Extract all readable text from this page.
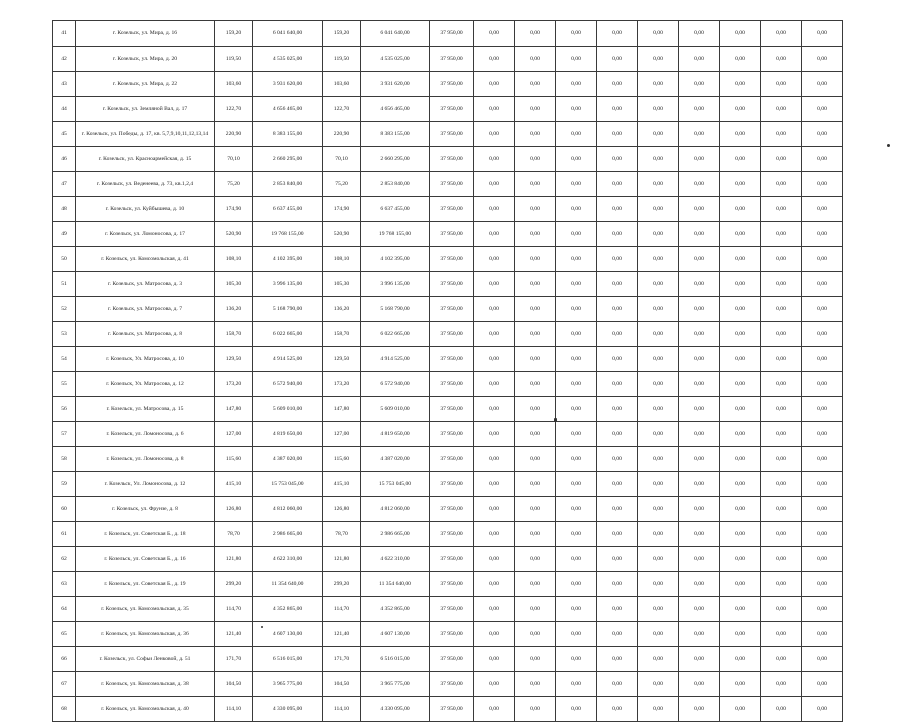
41	г. Козельск, ул. Мира, д. 16	159,20	6 041 640,00	159,20	6 041 640,00	37 950,00	0,00	0,00	0,00	0,00	0,00	0,00	0,00	0,00	0,00
42	г. Козельск, ул. Мира, д. 20	119,50	4 535 025,00	119,50	4 535 025,00	37 950,00	0,00	0,00	0,00	0,00	0,00	0,00	0,00	0,00	0,00
43	г. Козельск, ул. Мира, д. 22	103,60	3 931 620,00	103,60	3 931 620,00	37 950,00	0,00	0,00	0,00	0,00	0,00	0,00	0,00	0,00	0,00
44	г. Козельск, ул. Земляной Вал, д. 17	122,70	4 656 465,00	122,70	4 656 465,00	37 950,00	0,00	0,00	0,00	0,00	0,00	0,00	0,00	0,00	0,00
45	г. Козельск, ул. Победы, д. 17, кв. 5,7,9,10,11,12,13,14	220,90	8 383 155,00	220,90	8 383 155,00	37 950,00	0,00	0,00	0,00	0,00	0,00	0,00	0,00	0,00	0,00
46	г. Козельск, ул. Красноармейская, д. 15	70,10	2 660 295,00	70,10	2 660 295,00	37 950,00	0,00	0,00	0,00	0,00	0,00	0,00	0,00	0,00	0,00
47	г. Козельск, ул. Веденеева, д. 73, кв.1,2,4	75,20	2 853 840,00	75,20	2 853 840,00	37 950,00	0,00	0,00	0,00	0,00	0,00	0,00	0,00	0,00	0,00
48	г. Козельск, ул. Куйбышева, д. 10	174,90	6 637 455,00	174,90	6 637 455,00	37 950,00	0,00	0,00	0,00	0,00	0,00	0,00	0,00	0,00	0,00
49	г. Козельск, ул. Ломоносова, д. 17	520,90	19 768 155,00	520,90	19 768 155,00	37 950,00	0,00	0,00	0,00	0,00	0,00	0,00	0,00	0,00	0,00
50	г. Козельск, ул. Комсомольская, д. 41	108,10	4 102 395,00	108,10	4 102 395,00	37 950,00	0,00	0,00	0,00	0,00	0,00	0,00	0,00	0,00	0,00
51	г. Козельск, ул. Матросова, д. 3	105,30	3 996 135,00	105,30	3 996 135,00	37 950,00	0,00	0,00	0,00	0,00	0,00	0,00	0,00	0,00	0,00
52	г. Козельск, ул. Матросова, д. 7	136,20	5 168 790,00	136,20	5 168 790,00	37 950,00	0,00	0,00	0,00	0,00	0,00	0,00	0,00	0,00	0,00
53	г. Козельск, ул. Матросова, д. 8	158,70	6 022 665,00	158,70	6 022 665,00	37 950,00	0,00	0,00	0,00	0,00	0,00	0,00	0,00	0,00	0,00
54	г. Козельск, Ул. Матросова, д. 10	129,50	4 914 525,00	129,50	4 914 525,00	37 950,00	0,00	0,00	0,00	0,00	0,00	0,00	0,00	0,00	0,00
55	г. Козельск, Ул. Матросова, д. 12	173,20	6 572 940,00	173,20	6 572 940,00	37 950,00	0,00	0,00	0,00	0,00	0,00	0,00	0,00	0,00	0,00
56	г. Козельск, ул. Матросова, д. 15	147,80	5 609 010,00	147,80	5 609 010,00	37 950,00	0,00	0,00	0,00	0,00	0,00	0,00	0,00	0,00	0,00
57	г. Козельск, ул. Ломоносова, д. 6	127,00	4 819 650,00	127,00	4 819 650,00	37 950,00	0,00	0,00	0,00	0,00	0,00	0,00	0,00	0,00	0,00
58	г. Козельск, ул. Ломоносова, д. 8	115,60	4 387 020,00	115,60	4 387 020,00	37 950,00	0,00	0,00	0,00	0,00	0,00	0,00	0,00	0,00	0,00
59	г. Козельск, Ул. Ломоносова, д. 12	415,10	15 753 045,00	415,10	15 753 045,00	37 950,00	0,00	0,00	0,00	0,00	0,00	0,00	0,00	0,00	0,00
60	г. Козельск, ул. Фрунзе, д. 8	126,80	4 812 060,00	126,80	4 812 060,00	37 950,00	0,00	0,00	0,00	0,00	0,00	0,00	0,00	0,00	0,00
61	г. Козельск, ул. Советская Б., д. 18	78,70	2 986 665,00	78,70	2 986 665,00	37 950,00	0,00	0,00	0,00	0,00	0,00	0,00	0,00	0,00	0,00
62	г. Козельск, ул. Советская Б., д. 16	121,80	4 622 310,00	121,80	4 622 310,00	37 950,00	0,00	0,00	0,00	0,00	0,00	0,00	0,00	0,00	0,00
63	г. Козельск, ул. Советская Б., д. 19	299,20	11 354 640,00	299,20	11 354 640,00	37 950,00	0,00	0,00	0,00	0,00	0,00	0,00	0,00	0,00	0,00
64	г. Козельск, ул. Комсомольская, д. 35	114,70	4 352 865,00	114,70	4 352 865,00	37 950,00	0,00	0,00	0,00	0,00	0,00	0,00	0,00	0,00	0,00
65	г. Козельск, ул. Комсомольская, д. 36	121,40	4 607 130,00	121,40	4 607 130,00	37 950,00	0,00	0,00	0,00	0,00	0,00	0,00	0,00	0,00	0,00
66	г. Козельск, ул. Софьи Ленковой, д. 51	171,70	6 516 015,00	171,70	6 516 015,00	37 950,00	0,00	0,00	0,00	0,00	0,00	0,00	0,00	0,00	0,00
67	г. Козельск, ул. Комсомольская, д. 38	104,50	3 965 775,00	104,50	3 965 775,00	37 950,00	0,00	0,00	0,00	0,00	0,00	0,00	0,00	0,00	0,00
68	г. Козельск, ул. Комсомольская, д. 40	114,10	4 330 095,00	114,10	4 330 095,00	37 950,00	0,00	0,00	0,00	0,00	0,00	0,00	0,00	0,00	0,00
